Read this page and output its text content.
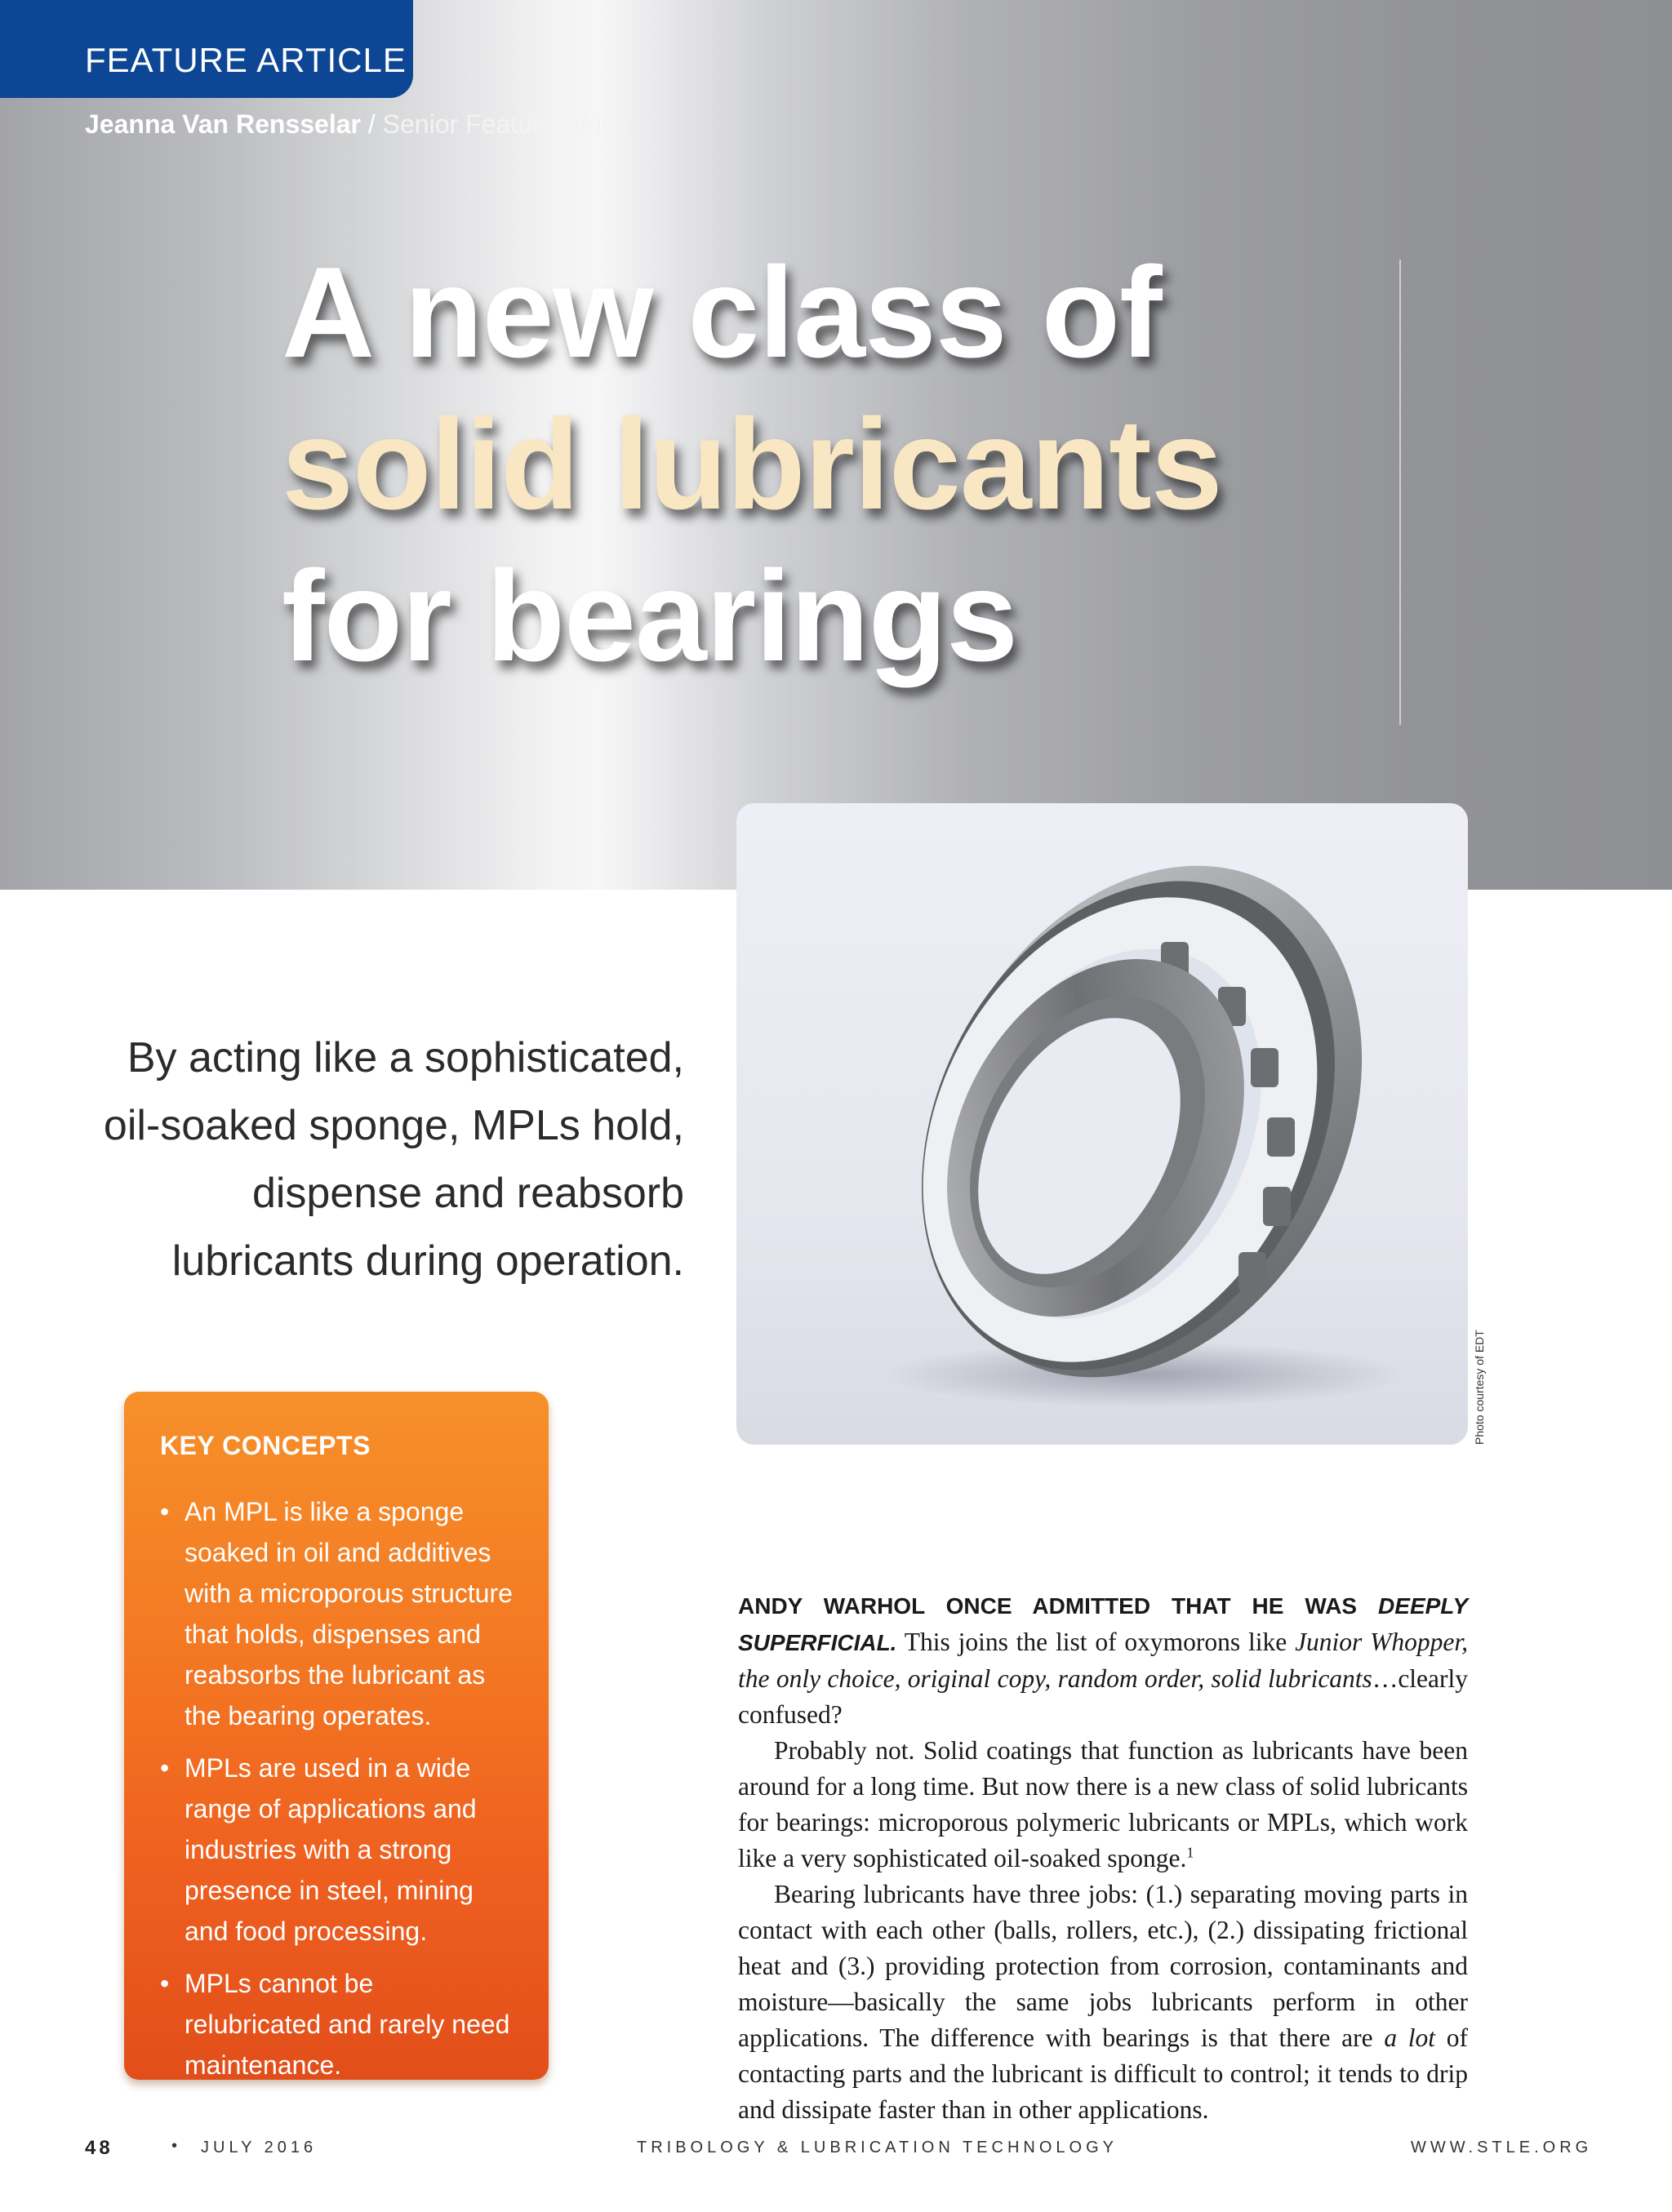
FEATURE ARTICLE
Jeanna Van Rensselar / Senior Feature Writer
A new class of
solid lubricants
for bearings
Photo courtesy of EDT
By acting like a sophisticated,
oil-soaked sponge, MPLs hold,
dispense and reabsorb
lubricants during operation.
KEY CONCEPTS
• An MPL is like a sponge soaked in oil and additives with a microporous structure that holds, dispenses and reabsorbs the lubricant as the bearing operates.
• MPLs are used in a wide range of applications and industries with a strong presence in steel, mining and food processing.
• MPLs cannot be relubricated and rarely need maintenance.

ANDY WARHOL ONCE ADMITTED THAT HE WAS DEEPLY SUPERFICIAL. This joins the list of oxymorons like Junior Whopper, the only choice, original copy, random order, solid lubricants…clearly confused?

Probably not. Solid coatings that function as lubricants have been around for a long time. But now there is a new class of solid lubricants for bearings: microporous polymeric lubricants or MPLs, which work like a very sophisticated oil-soaked sponge.$^1$

Bearing lubricants have three jobs: (1.) separating moving parts in contact with each other (balls, rollers, etc.), (2.) dissipating frictional heat and (3.) providing protection from corrosion, contaminants and moisture—basically the same jobs lubricants perform in other applications. The difference with bearings is that there are a lot of contacting parts and the lubricant is difficult to control; it tends to drip and dissipate faster than in other applications.

48	• JULY 2016	TRIBOLOGY & LUBRICATION TECHNOLOGY	WWW.STLE.ORG
